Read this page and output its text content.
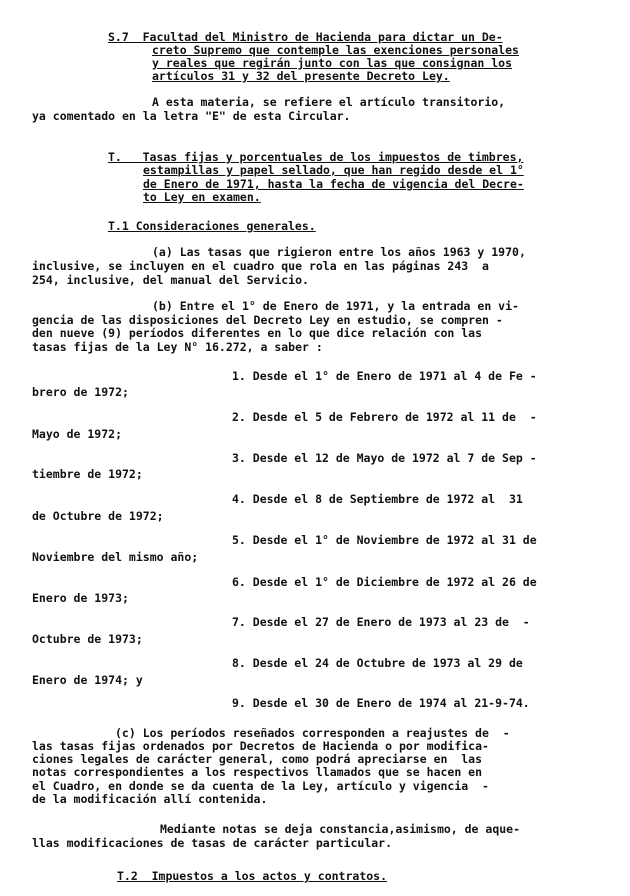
S.7  Facultad del Ministro de Hacienda para dictar un De-
creto Supremo que contemple las exenciones personales
y reales que regirán junto con las que consignan los
artículos 31 y 32 del presente Decreto Ley.
A esta materia, se refiere el artículo transitorio,
ya comentado en la letra "E" de esta Circular.
T.   Tasas fijas y porcentuales de los impuestos de timbres,
estampillas y papel sellado, que han regido desde el 1°
de Enero de 1971, hasta la fecha de vigencia del Decre-
to Ley en examen.
T.1 Consideraciones generales.
(a) Las tasas que rigieron entre los años 1963 y 1970,
inclusive, se incluyen en el cuadro que rola en las páginas 243  a
254, inclusive, del manual del Servicio.
(b) Entre el 1° de Enero de 1971, y la entrada en vi-
gencia de las disposiciones del Decreto Ley en estudio, se compren -
den nueve (9) períodos diferentes en lo que dice relación con las
tasas fijas de la Ley N° 16.272, a saber :
1. Desde el 1° de Enero de 1971 al 4 de Fe -
brero de 1972;
2. Desde el 5 de Febrero de 1972 al 11 de  -
Mayo de 1972;
3. Desde el 12 de Mayo de 1972 al 7 de Sep -
tiembre de 1972;
4. Desde el 8 de Septiembre de 1972 al  31
de Octubre de 1972;
5. Desde el 1° de Noviembre de 1972 al 31 de
Noviembre del mismo año;
6. Desde el 1° de Diciembre de 1972 al 26 de
Enero de 1973;
7. Desde el 27 de Enero de 1973 al 23 de  -
Octubre de 1973;
8. Desde el 24 de Octubre de 1973 al 29 de
Enero de 1974; y
9. Desde el 30 de Enero de 1974 al 21-9-74.
(c) Los períodos reseñados corresponden a reajustes de  -
las tasas fijas ordenados por Decretos de Hacienda o por modifica-
ciones legales de carácter general, como podrá apreciarse en  las
notas correspondientes a los respectivos llamados que se hacen en
el Cuadro, en donde se da cuenta de la Ley, artículo y vigencia  -
de la modificación allí contenida.
Mediante notas se deja constancia,asimismo, de aque-
llas modificaciones de tasas de carácter particular.
T.2  Impuestos a los actos y contratos.
